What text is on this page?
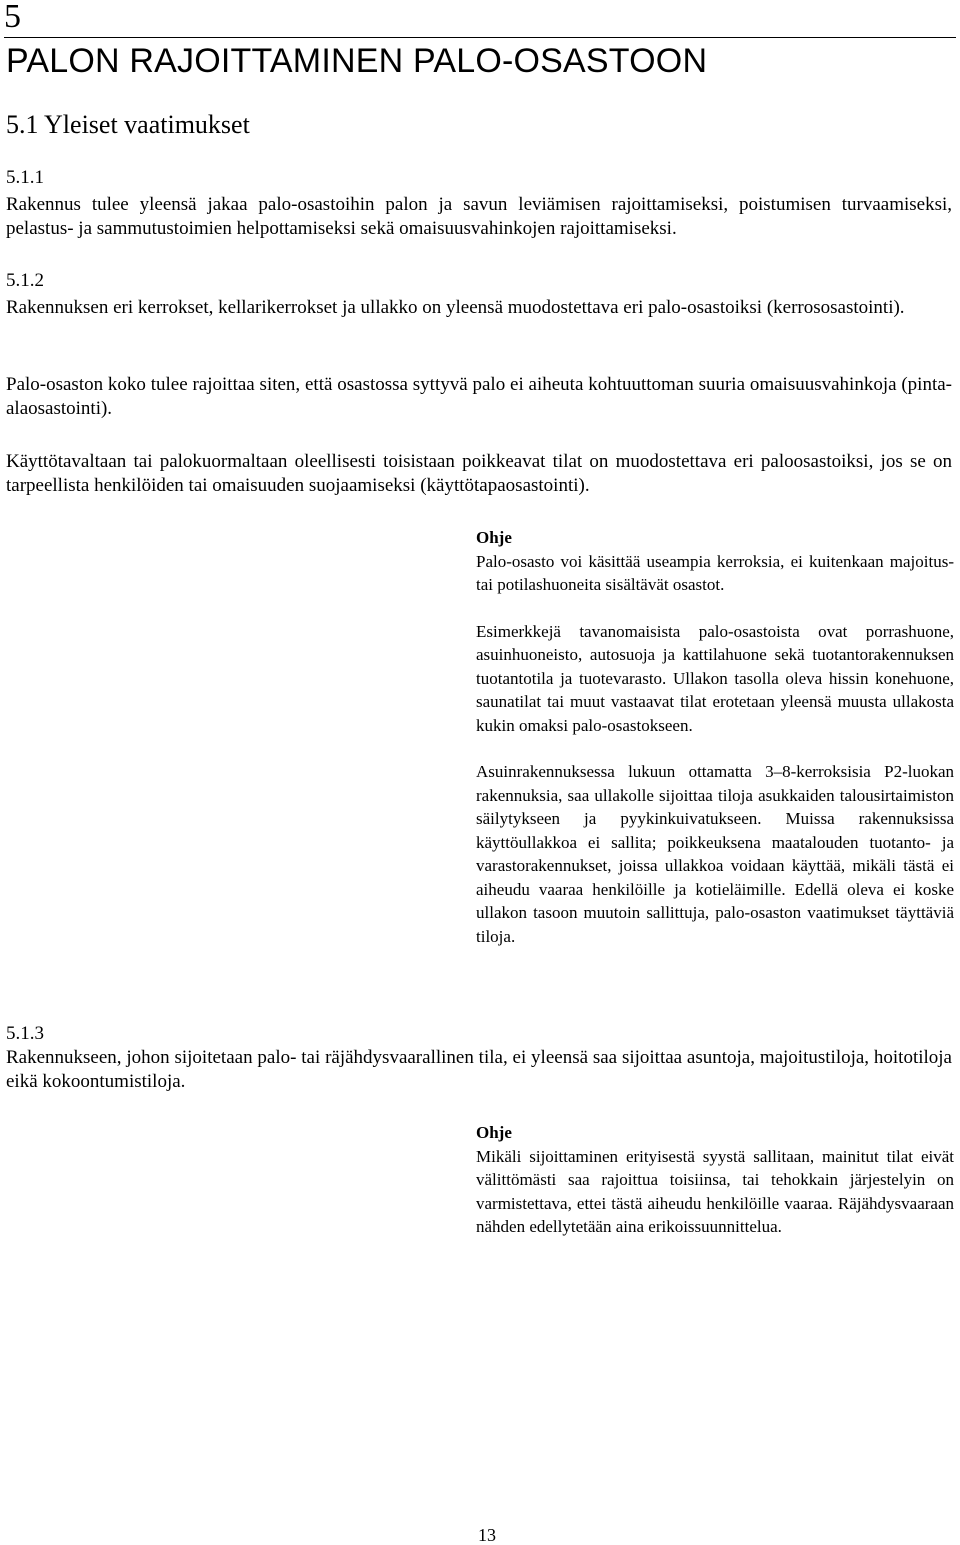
5
PALON RAJOITTAMINEN PALO-OSASTOON
5.1 Yleiset vaatimukset
5.1.1
Rakennus tulee yleensä jakaa palo-osastoihin palon ja savun leviämisen rajoittamiseksi, poistumisen turvaamiseksi, pelastus- ja sammutustoimien helpottamiseksi sekä omaisuusvahinkojen rajoittamiseksi.
5.1.2
Rakennuksen eri kerrokset, kellarikerrokset ja ullakko on yleensä muodostettava eri palo-osastoiksi (kerrososastointi).
Palo-osaston koko tulee rajoittaa siten, että osastossa syttyvä palo ei aiheuta kohtuuttoman suuria omaisuusvahinkoja (pinta-alaosastointi).
Käyttötavaltaan tai palokuormaltaan oleellisesti toisistaan poikkeavat tilat on muodostettava eri paloosastoiksi, jos se on tarpeellista henkilöiden tai omaisuuden suojaamiseksi (käyttötapaosastointi).
Ohje
Palo-osasto voi käsittää useampia kerroksia, ei kuitenkaan majoitus- tai potilashuoneita sisältävät osastot.
Esimerkkejä tavanomaisista palo-osastoista ovat porrashuone, asuinhuoneisto, autosuoja ja kattilahuone sekä tuotantorakennuksen tuotantotila ja tuotevarasto. Ullakon tasolla oleva hissin konehuone, saunatilat tai muut vastaavat tilat erotetaan yleensä muusta ullakosta kukin omaksi palo-osastokseen.
Asuinrakennuksessa lukuun ottamatta 3–8-kerroksisia P2-luokan rakennuksia, saa ullakolle sijoittaa tiloja asukkaiden talousirtaimiston säilytykseen ja pyykinkuivatukseen. Muissa rakennuksissa käyttöullakkoa ei sallita; poikkeuksena maatalouden tuotanto- ja varastorakennukset, joissa ullakkoa voidaan käyttää, mikäli tästä ei aiheudu vaaraa henkilöille ja kotieläimille. Edellä oleva ei koske ullakon tasoon muutoin sallittuja, palo-osaston vaatimukset täyttäviä tiloja.
5.1.3
Rakennukseen, johon sijoitetaan palo- tai räjähdysvaarallinen tila, ei yleensä saa sijoittaa asuntoja, majoitustiloja, hoitotiloja eikä kokoontumistiloja.
Ohje
Mikäli sijoittaminen erityisestä syystä sallitaan, mainitut tilat eivät välittömästi saa rajoittua toisiinsa, tai tehokkain järjestelyin on varmistettava, ettei tästä aiheudu henkilöille vaaraa. Räjähdysvaaraan nähden edellytetään aina erikoissuunnittelua.
13
